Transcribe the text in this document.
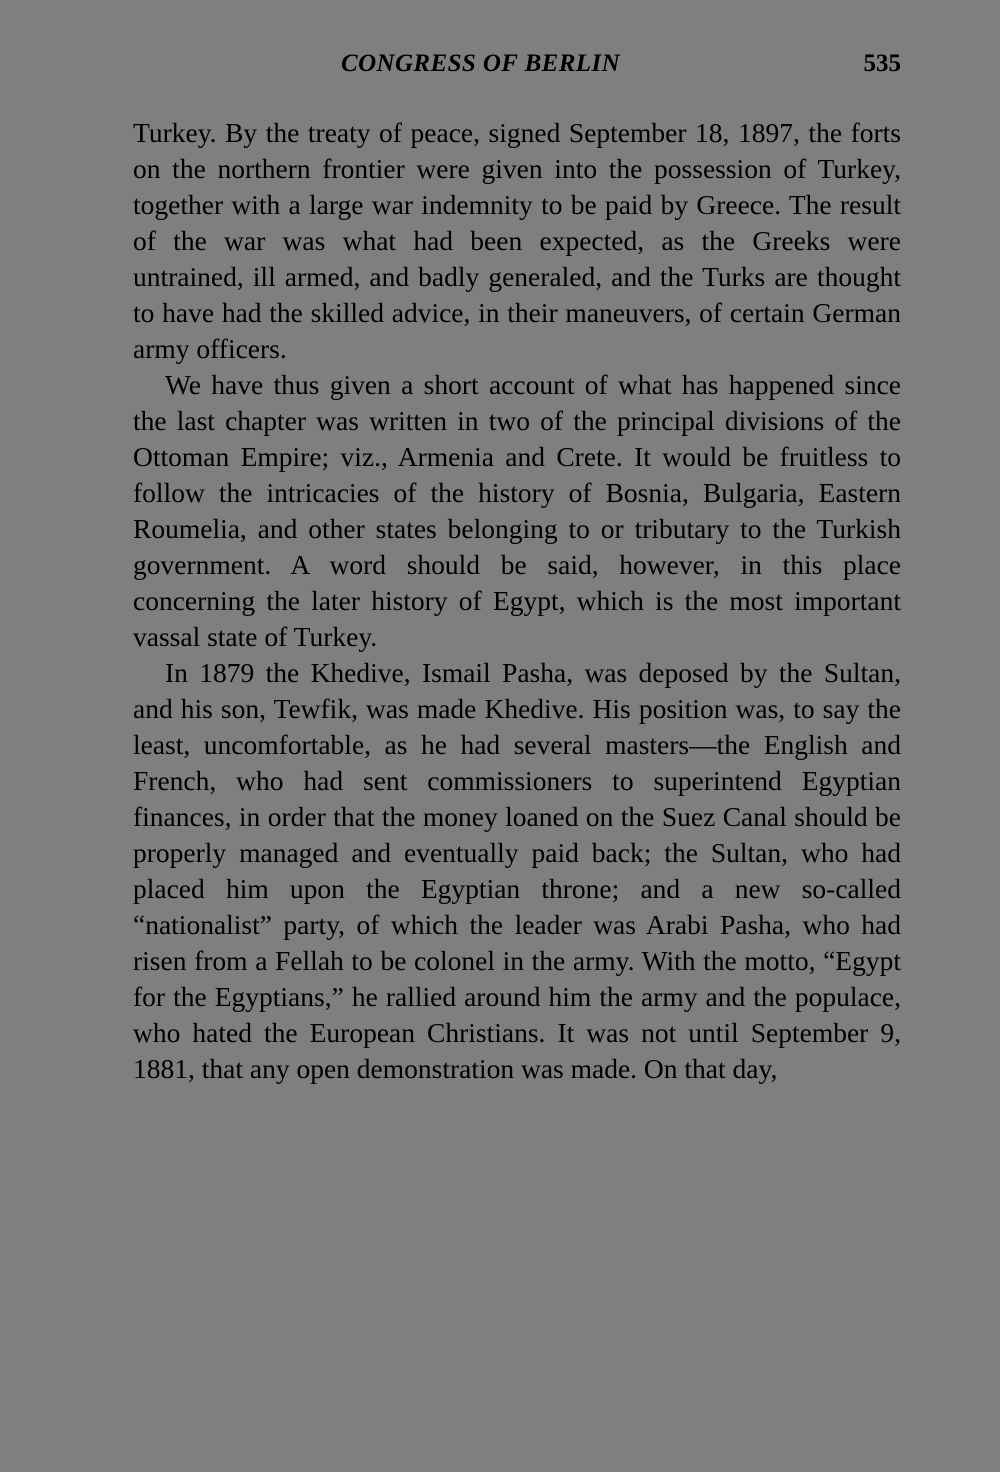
CONGRESS OF BERLIN	535

Turkey. By the treaty of peace, signed September 18, 1897, the forts on the northern frontier were given into the possession of Turkey, together with a large war indemnity to be paid by Greece. The result of the war was what had been expected, as the Greeks were untrained, ill armed, and badly generaled, and the Turks are thought to have had the skilled advice, in their maneuvers, of certain German army officers.

We have thus given a short account of what has happened since the last chapter was written in two of the principal divisions of the Ottoman Empire; viz., Armenia and Crete. It would be fruitless to follow the intricacies of the history of Bosnia, Bulgaria, Eastern Roumelia, and other states belonging to or tributary to the Turkish government. A word should be said, however, in this place concerning the later history of Egypt, which is the most important vassal state of Turkey.

In 1879 the Khedive, Ismail Pasha, was deposed by the Sultan, and his son, Tewfik, was made Khedive. His position was, to say the least, uncomfortable, as he had several masters—the English and French, who had sent commissioners to superintend Egyptian finances, in order that the money loaned on the Suez Canal should be properly managed and eventually paid back; the Sultan, who had placed him upon the Egyptian throne; and a new so-called “nationalist” party, of which the leader was Arabi Pasha, who had risen from a Fellah to be colonel in the army. With the motto, “Egypt for the Egyptians,” he rallied around him the army and the populace, who hated the European Christians. It was not until September 9, 1881, that any open demonstration was made. On that day,
